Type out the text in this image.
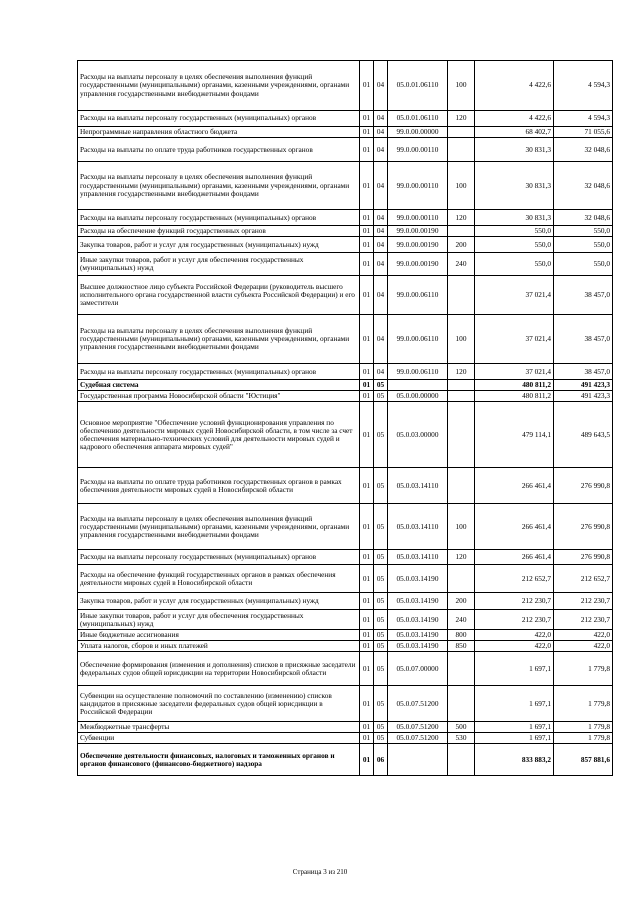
Расходы на выплаты персоналу в целях обеспечения выполнения функций государственными (муниципальными) органами, казенными учреждениями, органами управления государственными внебюджетными фондами	01	04	05.0.01.06110	100	4 422,6	4 594,3
Расходы на выплаты персоналу государственных (муниципальных) органов	01	04	05.0.01.06110	120	4 422,6	4 594,3
Непрограммные направления областного бюджета	01	04	99.0.00.00000		68 402,7	71 055,6
Расходы на выплаты по оплате труда работников государственных органов	01	04	99.0.00.00110		30 831,3	32 048,6
Расходы на выплаты персоналу в целях обеспечения выполнения функций государственными (муниципальными) органами, казенными учреждениями, органами управления государственными внебюджетными фондами	01	04	99.0.00.00110	100	30 831,3	32 048,6
Расходы на выплаты персоналу государственных (муниципальных) органов	01	04	99.0.00.00110	120	30 831,3	32 048,6
Расходы на обеспечение функций государственных органов	01	04	99.0.00.00190		550,0	550,0
Закупка товаров, работ и услуг для государственных (муниципальных) нужд	01	04	99.0.00.00190	200	550,0	550,0
Иные закупки товаров, работ и услуг для обеспечения государственных (муниципальных) нужд	01	04	99.0.00.00190	240	550,0	550,0
Высшее должностное лицо субъекта Российской Федерации (руководитель высшего исполнительного органа государственной власти субъекта Российской Федерации) и его заместители	01	04	99.0.00.06110		37 021,4	38 457,0
Расходы на выплаты персоналу в целях обеспечения выполнения функций государственными (муниципальными) органами, казенными учреждениями, органами управления государственными внебюджетными фондами	01	04	99.0.00.06110	100	37 021,4	38 457,0
Расходы на выплаты персоналу государственных (муниципальных) органов	01	04	99.0.00.06110	120	37 021,4	38 457,0
Судебная система	01	05			480 811,2	491 423,3
Государственная программа Новосибирской области "Юстиция"	01	05	05.0.00.00000		480 811,2	491 423,3
Основное мероприятие "Обеспечение условий функционирования управления по обеспечению деятельности мировых судей Новосибирской области, в том числе за счет обеспечения материально-технических условий для деятельности мировых судей и кадрового обеспечения аппарата мировых судей"	01	05	05.0.03.00000		479 114,1	489 643,5
Расходы на выплаты по оплате труда работников государственных органов в рамках обеспечения деятельности мировых судей в Новосибирской области	01	05	05.0.03.14110		266 461,4	276 990,8
Расходы на выплаты персоналу в целях обеспечения выполнения функций государственными (муниципальными) органами, казенными учреждениями, органами управления государственными внебюджетными фондами	01	05	05.0.03.14110	100	266 461,4	276 990,8
Расходы на выплаты персоналу государственных (муниципальных) органов	01	05	05.0.03.14110	120	266 461,4	276 990,8
Расходы на обеспечение функций государственных органов в рамках обеспечения деятельности мировых судей в Новосибирской области	01	05	05.0.03.14190		212 652,7	212 652,7
Закупка товаров, работ и услуг для государственных (муниципальных) нужд	01	05	05.0.03.14190	200	212 230,7	212 230,7
Иные закупки товаров, работ и услуг для обеспечения государственных (муниципальных) нужд	01	05	05.0.03.14190	240	212 230,7	212 230,7
Иные бюджетные ассигнования	01	05	05.0.03.14190	800	422,0	422,0
Уплата налогов, сборов и иных платежей	01	05	05.0.03.14190	850	422,0	422,0
Обеспечение формирования (изменения и дополнения) списков в присяжные заседатели федеральных судов общей юрисдикции на территории Новосибирской области	01	05	05.0.07.00000		1 697,1	1 779,8
Субвенции на осуществление полномочий по составлению (изменению) списков кандидатов в присяжные заседатели федеральных судов общей юрисдикции в Российской Федерации	01	05	05.0.07.51200		1 697,1	1 779,8
Межбюджетные трансферты	01	05	05.0.07.51200	500	1 697,1	1 779,8
Субвенции	01	05	05.0.07.51200	530	1 697,1	1 779,8
Обеспечение деятельности финансовых, налоговых и таможенных органов и органов финансового (финансово-бюджетного) надзора	01	06			833 883,2	857 881,6
Страница 3 из 210
